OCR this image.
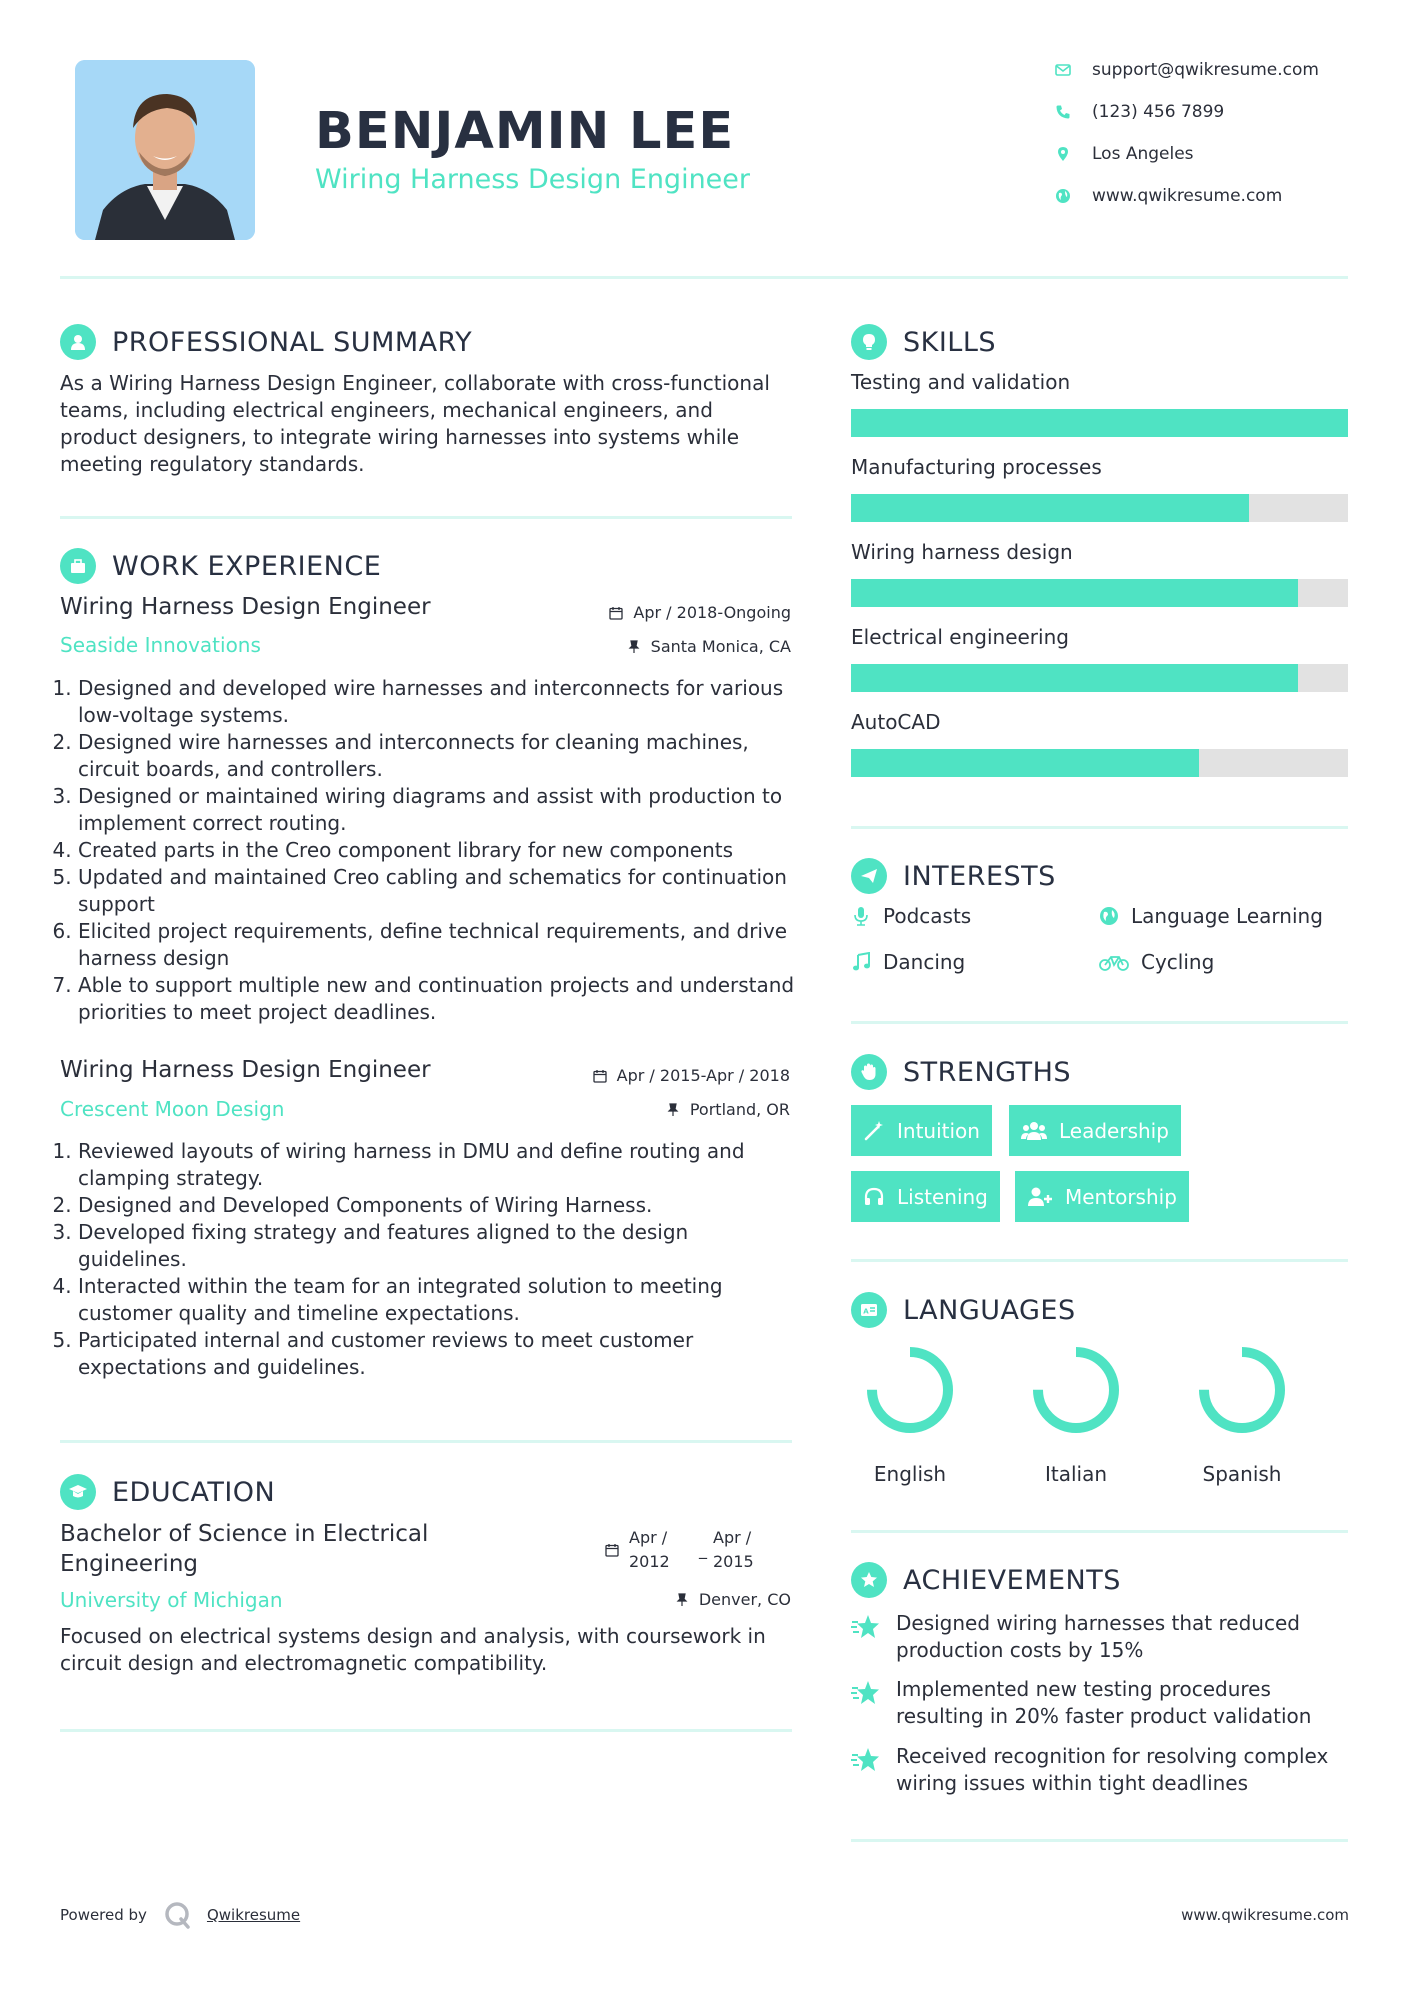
BENJAMIN LEE
Wiring Harness Design Engineer
support@qwikresume.com
(123) 456 7899
Los Angeles
www.qwikresume.com
PROFESSIONAL SUMMARY
As a Wiring Harness Design Engineer, collaborate with cross-functional teams, including electrical engineers, mechanical engineers, and product designers, to integrate wiring harnesses into systems while meeting regulatory standards.
WORK EXPERIENCE
Wiring Harness Design Engineer	Apr / 2018-Ongoing
Seaside Innovations	Santa Monica, CA
1. Designed and developed wire harnesses and interconnects for various low-voltage systems.
2. Designed wire harnesses and interconnects for cleaning machines, circuit boards, and controllers.
3. Designed or maintained wiring diagrams and assist with production to implement correct routing.
4. Created parts in the Creo component library for new components
5. Updated and maintained Creo cabling and schematics for continuation support
6. Elicited project requirements, define technical requirements, and drive harness design
7. Able to support multiple new and continuation projects and understand priorities to meet project deadlines.
Wiring Harness Design Engineer	Apr / 2015-Apr / 2018
Crescent Moon Design	Portland, OR
1. Reviewed layouts of wiring harness in DMU and define routing and clamping strategy.
2. Designed and Developed Components of Wiring Harness.
3. Developed fixing strategy and features aligned to the design guidelines.
4. Interacted within the team for an integrated solution to meeting customer quality and timeline expectations.
5. Participated internal and customer reviews to meet customer expectations and guidelines.
EDUCATION
Bachelor of Science in Electrical Engineering
Apr / 2012
_
Apr / 2015
University of Michigan	Denver, CO
Focused on electrical systems design and analysis, with coursework in circuit design and electromagnetic compatibility.
SKILLS
Testing and validation
Manufacturing processes
Wiring harness design
Electrical engineering
AutoCAD
INTERESTS
Podcasts	Language Learning
Dancing	Cycling
STRENGTHS
Intuition	Leadership
Listening	Mentorship
A LANGUAGES
English	Italian	Spanish
ACHIEVEMENTS
Designed wiring harnesses that reduced production costs by 15%
Implemented new testing procedures resulting in 20% faster product validation
Received recognition for resolving complex wiring issues within tight deadlines
Powered by	Qwikresume	www.qwikresume.com
